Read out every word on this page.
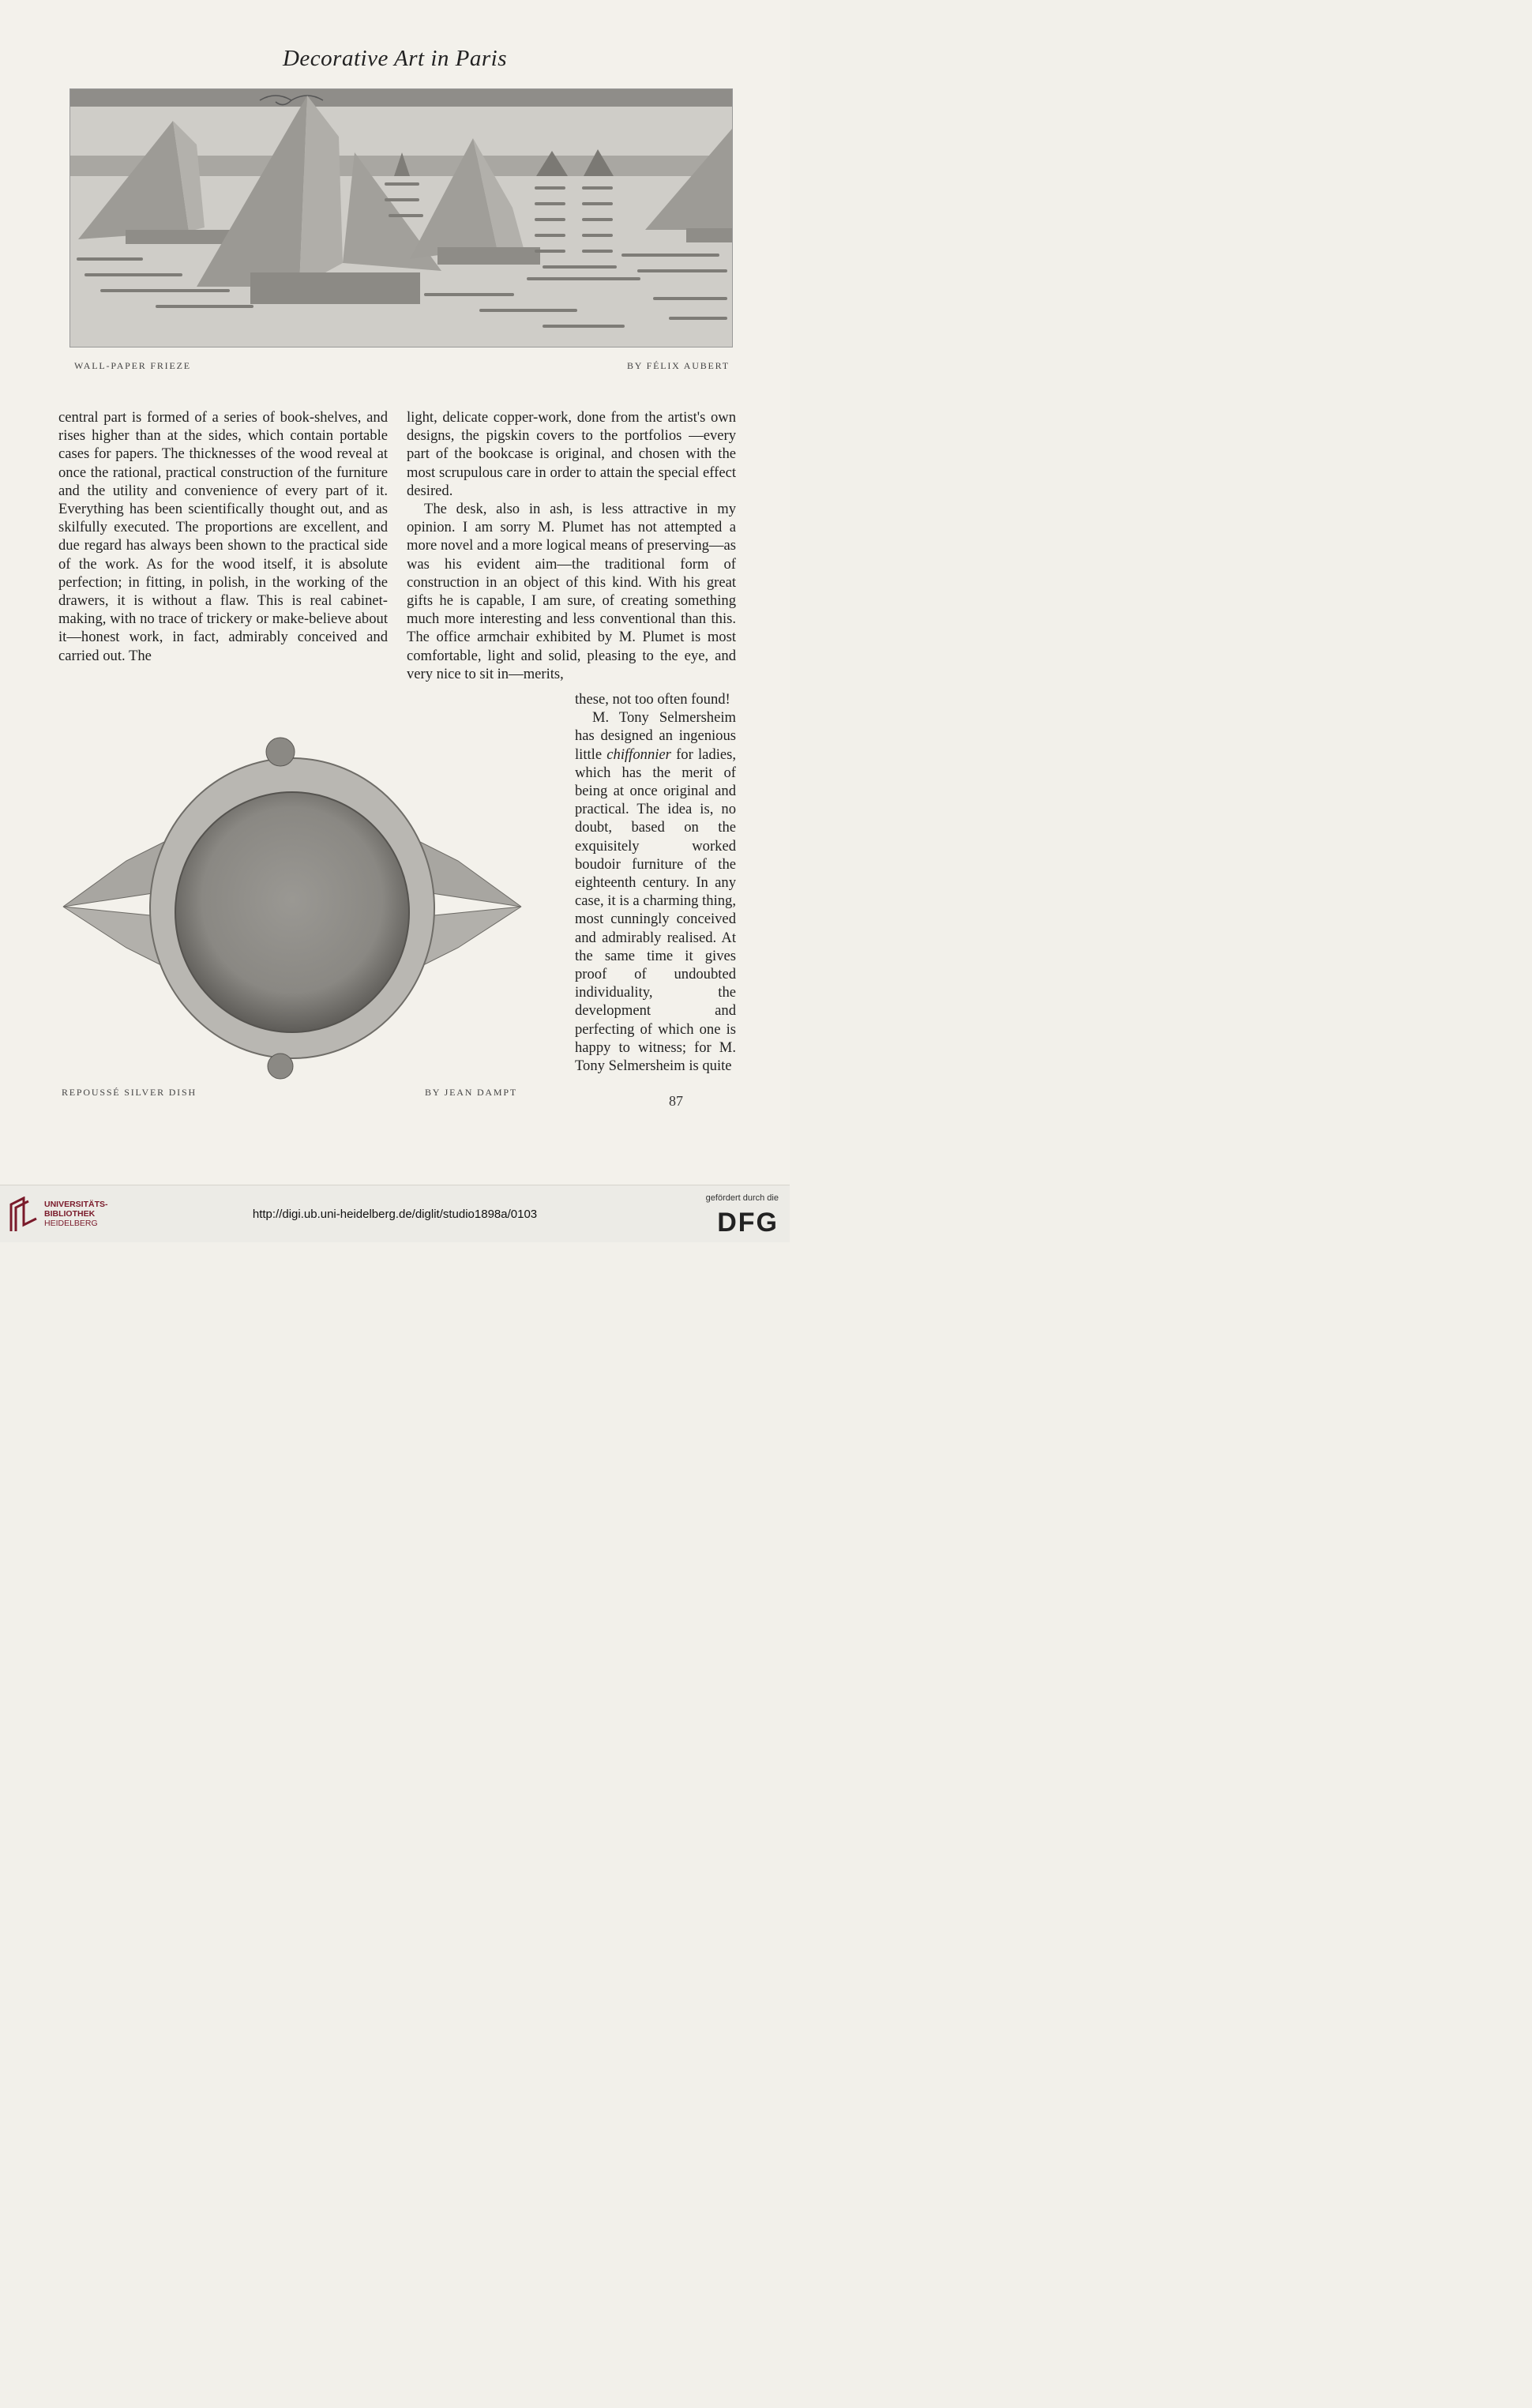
Decorative Art in Paris
WALL-PAPER FRIEZE	BY FÉLIX AUBERT

central part is formed of a series of book-shelves, and rises higher than at the sides, which contain portable cases for papers. The thicknesses of the wood reveal at once the rational, practical construction of the furniture and the utility and convenience of every part of it. Everything has been scientifically thought out, and as skilfully executed. The proportions are excellent, and due regard has always been shown to the practical side of the work. As for the wood itself, it is absolute perfection; in fitting, in polish, in the working of the drawers, it is without a flaw. This is real cabinet-making, with no trace of trickery or make-believe about it—honest work, in fact, admirably conceived and carried out. The

light, delicate copper-work, done from the artist's own designs, the pigskin covers to the portfolios —every part of the bookcase is original, and chosen with the most scrupulous care in order to attain the special effect desired.

The desk, also in ash, is less attractive in my opinion. I am sorry M. Plumet has not attempted a more novel and a more logical means of preserving—as was his evident aim—the traditional form of construction in an object of this kind. With his great gifts he is capable, I am sure, of creating something much more interesting and less conventional than this. The office armchair exhibited by M. Plumet is most comfortable, light and solid, pleasing to the eye, and very nice to sit in—merits,

REPOUSSÉ SILVER DISH	BY JEAN DAMPT

these, not too often found!

M. Tony Selmersheim has designed an ingenious little chiffonnier for ladies, which has the merit of being at once original and practical. The idea is, no doubt, based on the exquisitely worked boudoir furniture of the eighteenth century. In any case, it is a charming thing, most cunningly conceived and admirably realised. At the same time it gives proof of undoubted individuality, the development and perfecting of which one is happy to witness; for M. Tony Selmersheim is quite

87
UNIVERSITÄTS-
BIBLIOTHEK
HEIDELBERG
http://digi.ub.uni-heidelberg.de/diglit/studio1898a/0103
gefördert durch die
DFG
